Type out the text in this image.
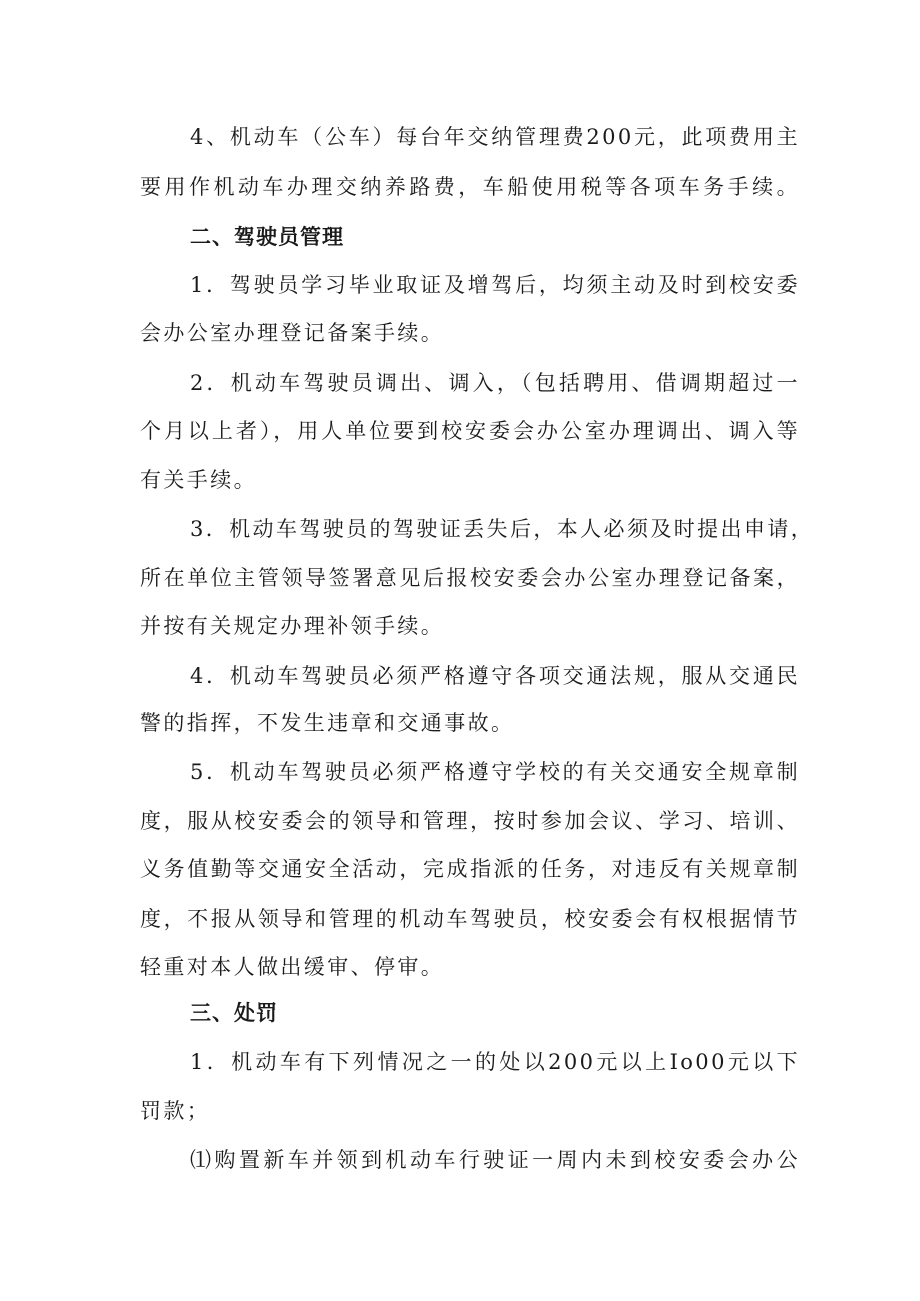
4、机动车（公车）每台年交纳管理费200元，此项费用主
要用作机动车办理交纳养路费，车船使用税等各项车务手续。
二、驾驶员管理
1．驾驶员学习毕业取证及增驾后，均须主动及时到校安委
会办公室办理登记备案手续。
2．机动车驾驶员调出、调入，（包括聘用、借调期超过一
个月以上者），用人单位要到校安委会办公室办理调出、调入等
有关手续。
3．机动车驾驶员的驾驶证丢失后，本人必须及时提出申请，
所在单位主管领导签署意见后报校安委会办公室办理登记备案，
并按有关规定办理补领手续。
4．机动车驾驶员必须严格遵守各项交通法规，服从交通民
警的指挥，不发生违章和交通事故。
5．机动车驾驶员必须严格遵守学校的有关交通安全规章制
度，服从校安委会的领导和管理，按时参加会议、学习、培训、
义务值勤等交通安全活动，完成指派的任务，对违反有关规章制
度，不报从领导和管理的机动车驾驶员，校安委会有权根据情节
轻重对本人做出缓审、停审。
三、处罚
1．机动车有下列情况之一的处以200元以上Io00元以下
罚款；
⑴购置新车并领到机动车行驶证一周内未到校安委会办公
